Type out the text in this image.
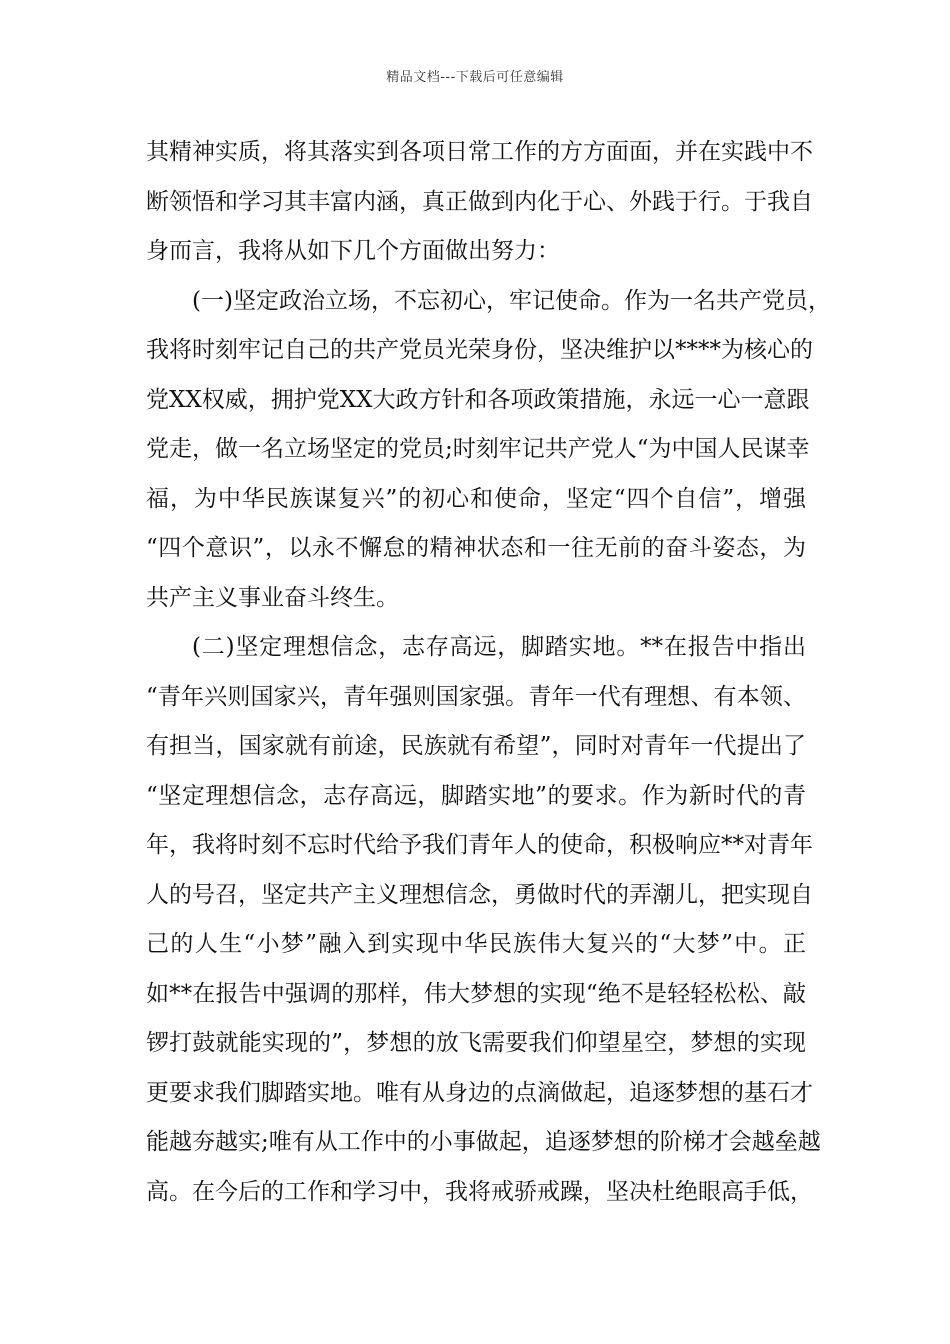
精品文档---下载后可任意编辑
其精神实质，将其落实到各项日常工作的方方面面，并在实践中不
断领悟和学习其丰富内涵，真正做到内化于心、外践于行。于我自
身而言，我将从如下几个方面做出努力：
(一)坚定政治立场，不忘初心，牢记使命。作为一名共产党员，
我将时刻牢记自己的共产党员光荣身份，坚决维护以****为核心的
党XX权威，拥护党XX大政方针和各项政策措施，永远一心一意跟
党走，做一名立场坚定的党员;时刻牢记共产党人“为中国人民谋幸
福，为中华民族谋复兴”的初心和使命，坚定“四个自信”，增强
“四个意识”，以永不懈怠的精神状态和一往无前的奋斗姿态，为
共产主义事业奋斗终生。
(二)坚定理想信念，志存高远，脚踏实地。**在报告中指出
“青年兴则国家兴，青年强则国家强。青年一代有理想、有本领、
有担当，国家就有前途，民族就有希望”，同时对青年一代提出了
“坚定理想信念，志存高远，脚踏实地”的要求。作为新时代的青
年，我将时刻不忘时代给予我们青年人的使命，积极响应**对青年
人的号召，坚定共产主义理想信念，勇做时代的弄潮儿，把实现自
己的人生“小梦”融入到实现中华民族伟大复兴的“大梦”中。正
如**在报告中强调的那样，伟大梦想的实现“绝不是轻轻松松、敲
锣打鼓就能实现的”，梦想的放飞需要我们仰望星空，梦想的实现
更要求我们脚踏实地。唯有从身边的点滴做起，追逐梦想的基石才
能越夯越实;唯有从工作中的小事做起，追逐梦想的阶梯才会越垒越
高。在今后的工作和学习中，我将戒骄戒躁，坚决杜绝眼高手低，
